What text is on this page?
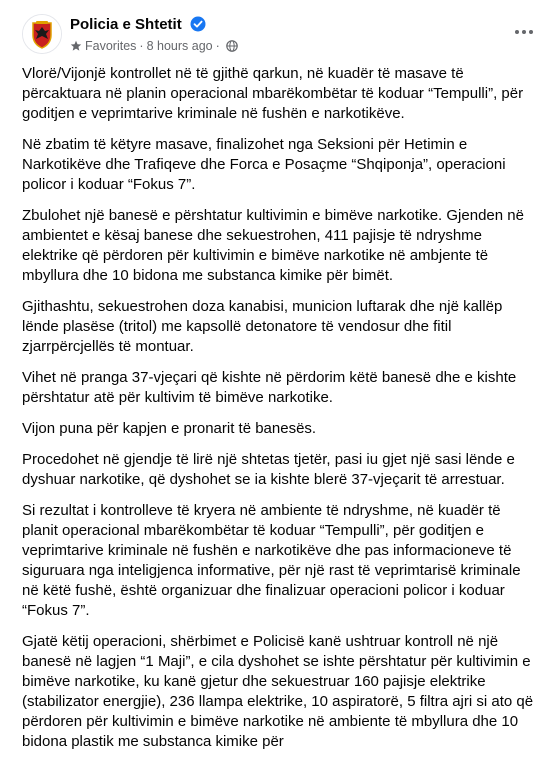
Policia e Shtetit
Favorites · 8 hours ago ·

Vlorë/Vijonjë kontrollet në të gjithë qarkun, në kuadër të masave të përcaktuara në planin operacional mbarëkombëtar të koduar “Tempulli”, për goditjen e veprimtarive kriminale në fushën e narkotikëve.

Në zbatim të këtyre masave, finalizohet nga Seksioni për Hetimin e Narkotikëve dhe Trafiqeve dhe Forca e Posaçme “Shqiponja”, operacioni policor i koduar “Fokus 7”.

Zbulohet një banesë e përshtatur kultivimin e bimëve narkotike. Gjenden në ambientet e kësaj banese dhe sekuestrohen, 411 pajisje të ndryshme elektrike që përdoren për kultivimin e bimëve narkotike në ambjente të mbyllura dhe 10 bidona me substanca kimike për bimët.

Gjithashtu, sekuestrohen doza kanabisi, municion luftarak dhe një kallëp lënde plasëse (tritol) me kapsollë detonatore të vendosur dhe fitil zjarrpërcjellës të montuar.

Vihet në pranga 37-vjeçari që kishte në përdorim këtë banesë dhe e kishte përshtatur atë për kultivim të bimëve narkotike.

Vijon puna për kapjen e pronarit të banesës.

Procedohet në gjendje të lirë një shtetas tjetër, pasi iu gjet një sasi lënde e dyshuar narkotike, që dyshohet se ia kishte blerë 37-vjeçarit të arrestuar.

Si rezultat i kontrolleve të kryera në ambiente të ndryshme, në kuadër të planit operacional mbarëkombëtar të koduar “Tempulli”, për goditjen e veprimtarive kriminale në fushën e narkotikëve dhe pas informacioneve të siguruara nga inteligjenca informative, për një rast të veprimtarisë kriminale në këtë fushë, është organizuar dhe finalizuar operacioni policor i koduar “Fokus 7”.

Gjatë këtij operacioni, shërbimet e Policisë kanë ushtruar kontroll në një banesë në lagjen “1 Maji”, e cila dyshohet se ishte përshtatur për kultivimin e bimëve narkotike, ku kanë gjetur dhe sekuestruar 160 pajisje elektrike (stabilizator energjie), 236 llampa elektrike, 10 aspiratorë, 5 filtra ajri si ato që përdoren për kultivimin e bimëve narkotike në ambiente të mbyllura dhe 10 bidona plastik me substanca kimike për
